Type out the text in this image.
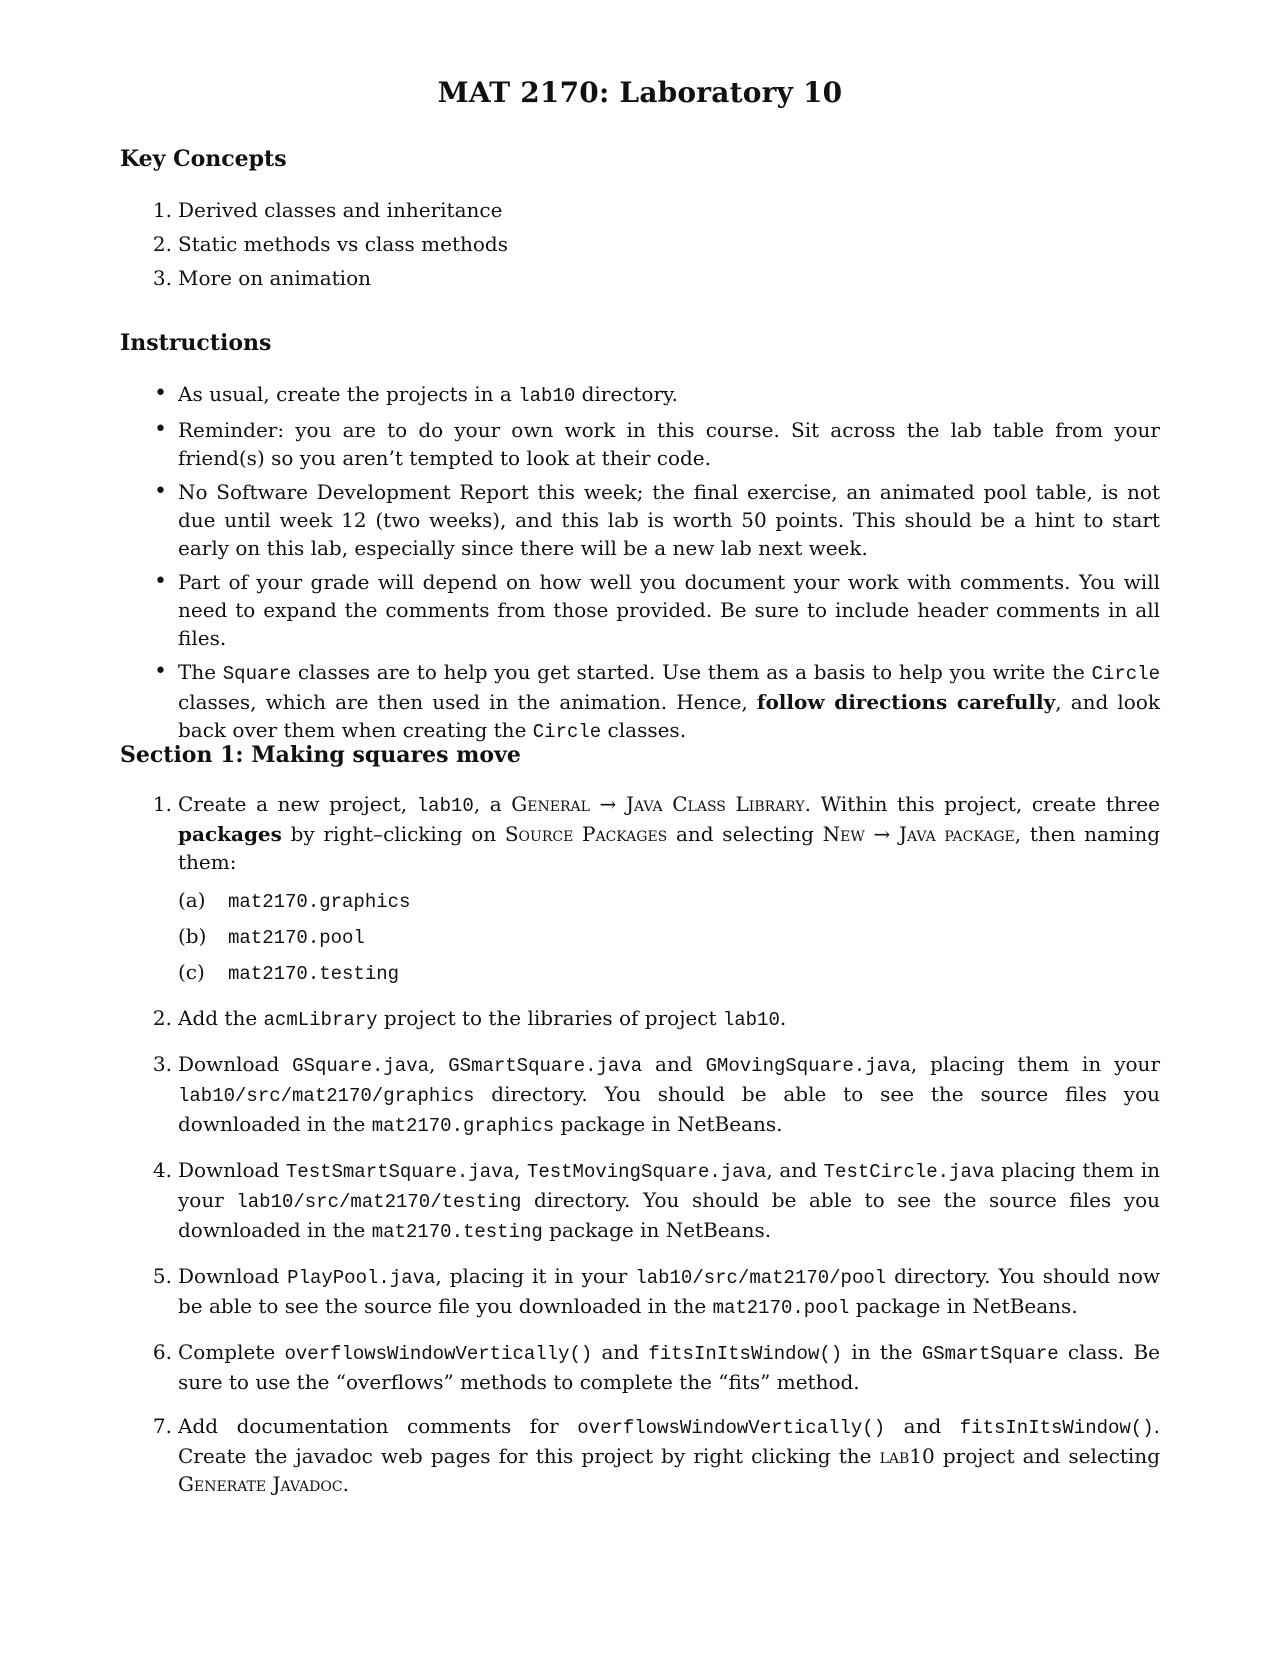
MAT 2170: Laboratory 10
Key Concepts
1. Derived classes and inheritance
2. Static methods vs class methods
3. More on animation
Instructions
• As usual, create the projects in a lab10 directory.
• Reminder: you are to do your own work in this course. Sit across the lab table from your friend(s) so you aren’t tempted to look at their code.
• No Software Development Report this week; the final exercise, an animated pool table, is not due until week 12 (two weeks), and this lab is worth 50 points. This should be a hint to start early on this lab, especially since there will be a new lab next week.
• Part of your grade will depend on how well you document your work with comments. You will need to expand the comments from those provided. Be sure to include header comments in all files.
• The Square classes are to help you get started. Use them as a basis to help you write the Circle classes, which are then used in the animation. Hence, follow directions carefully, and look back over them when creating the Circle classes.
Section 1: Making squares move
1. Create a new project, lab10, a General → Java Class Library. Within this project, create three packages by right–clicking on Source Packages and selecting New → Java package, then naming them:
(a)	mat2170.graphics
(b)	mat2170.pool
(c)	mat2170.testing
2. Add the acmLibrary project to the libraries of project lab10.
3. Download GSquare.java, GSmartSquare.java and GMovingSquare.java, placing them in your lab10/src/mat2170/graphics directory. You should be able to see the source files you downloaded in the mat2170.graphics package in NetBeans.
4. Download TestSmartSquare.java, TestMovingSquare.java, and TestCircle.java placing them in your lab10/src/mat2170/testing directory. You should be able to see the source files you downloaded in the mat2170.testing package in NetBeans.
5. Download PlayPool.java, placing it in your lab10/src/mat2170/pool directory. You should now be able to see the source file you downloaded in the mat2170.pool package in NetBeans.
6. Complete overflowsWindowVertically() and fitsInItsWindow() in the GSmartSquare class. Be sure to use the “overflows” methods to complete the “fits” method.
7. Add documentation comments for overflowsWindowVertically() and fitsInItsWindow(). Create the javadoc web pages for this project by right clicking the lab10 project and selecting Generate Javadoc.
